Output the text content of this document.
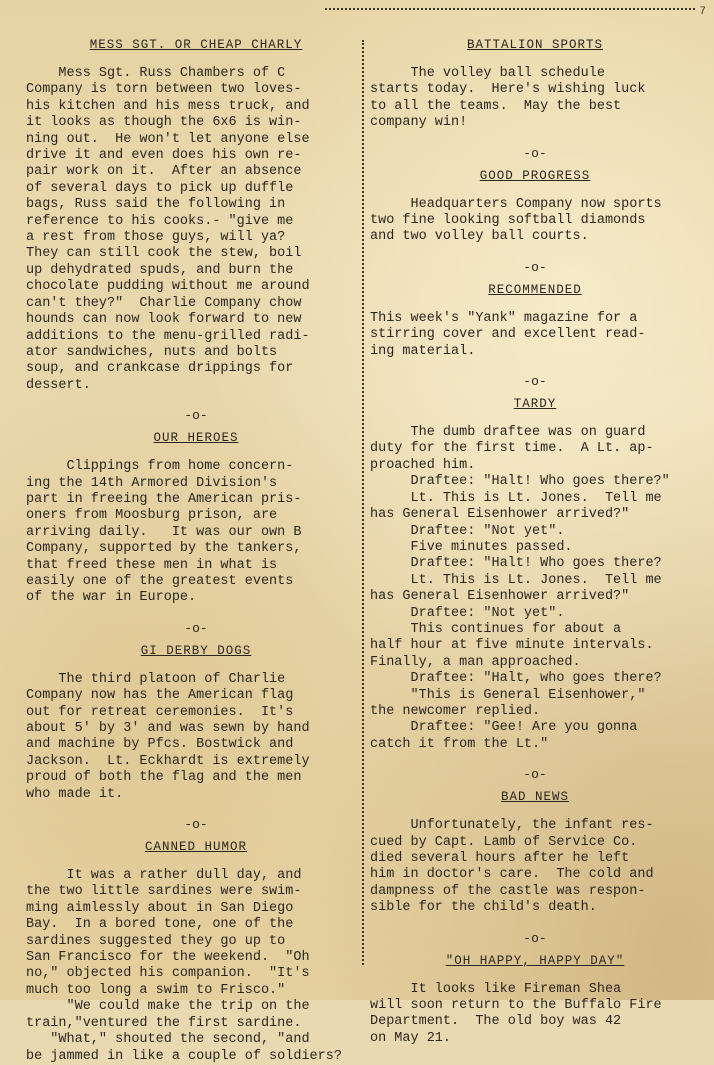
7
MESS SGT. OR CHEAP CHARLY

Mess Sgt. Russ Chambers of C
Company is torn between two loves-
his kitchen and his mess truck, and
it looks as though the 6x6 is win-
ning out.  He won't let anyone else
drive it and even does his own re-
pair work on it.  After an absence
of several days to pick up duffle
bags, Russ said the following in
reference to his cooks.- "give me
a rest from those guys, will ya?
They can still cook the stew, boil
up dehydrated spuds, and burn the
chocolate pudding without me around
can't they?"  Charlie Company chow
hounds can now look forward to new
additions to the menu-grilled radi-
ator sandwiches, nuts and bolts
soup, and crankcase drippings for
dessert.

-o-
OUR HEROES

Clippings from home concern-
ing the 14th Armored Division's
part in freeing the American pris-
oners from Moosburg prison, are
arriving daily.   It was our own B
Company, supported by the tankers,
that freed these men in what is
easily one of the greatest events
of the war in Europe.

-o-
GI DERBY DOGS

The third platoon of Charlie
Company now has the American flag
out for retreat ceremonies.  It's
about 5' by 3' and was sewn by hand
and machine by Pfcs. Bostwick and
Jackson.  Lt. Eckhardt is extremely
proud of both the flag and the men
who made it.

-o-
CANNED HUMOR

It was a rather dull day, and
the two little sardines were swim-
ming aimlessly about in San Diego
Bay.  In a bored tone, one of the
sardines suggested they go up to
San Francisco for the weekend.  "Oh
no," objected his companion.  "It's
much too long a swim to Frisco."
"We could make the trip on the
train,"ventured the first sardine.
"What," shouted the second, "and
be jammed in like a couple of soldiers?

BATTALION SPORTS

The volley ball schedule
starts today.  Here's wishing luck
to all the teams.  May the best
company win!

-o-
GOOD PROGRESS

Headquarters Company now sports
two fine looking softball diamonds
and two volley ball courts.

-o-
RECOMMENDED

This week's "Yank" magazine for a
stirring cover and excellent read-
ing material.

-o-
TARDY

The dumb draftee was on guard
duty for the first time.  A Lt. ap-
proached him.
Draftee: "Halt! Who goes there?"
Lt. This is Lt. Jones.  Tell me
has General Eisenhower arrived?"
Draftee: "Not yet".
Five minutes passed.
Draftee: "Halt! Who goes there?
Lt. This is Lt. Jones.  Tell me
has General Eisenhower arrived?"
Draftee: "Not yet".
This continues for about a
half hour at five minute intervals.
Finally, a man approached.
Draftee: "Halt, who goes there?
"This is General Eisenhower,"
the newcomer replied.
Draftee: "Gee! Are you gonna
catch it from the Lt."

-o-
BAD NEWS

Unfortunately, the infant res-
cued by Capt. Lamb of Service Co.
died several hours after he left
him in doctor's care.  The cold and
dampness of the castle was respon-
sible for the child's death.

-o-
"OH HAPPY, HAPPY DAY"

It looks like Fireman Shea
will soon return to the Buffalo Fire
Department.  The old boy was 42
on May 21.
